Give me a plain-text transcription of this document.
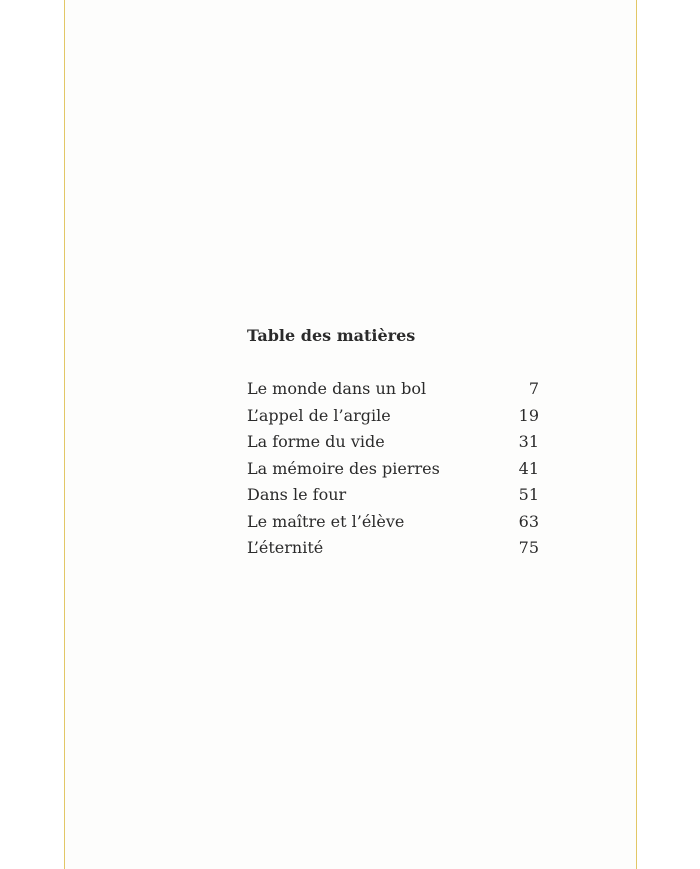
Table des matières
Le monde dans un bol	7
L’appel de l’argile	19
La forme du vide	31
La mémoire des pierres	41
Dans le four	51
Le maître et l’élève	63
L’éternité	75
